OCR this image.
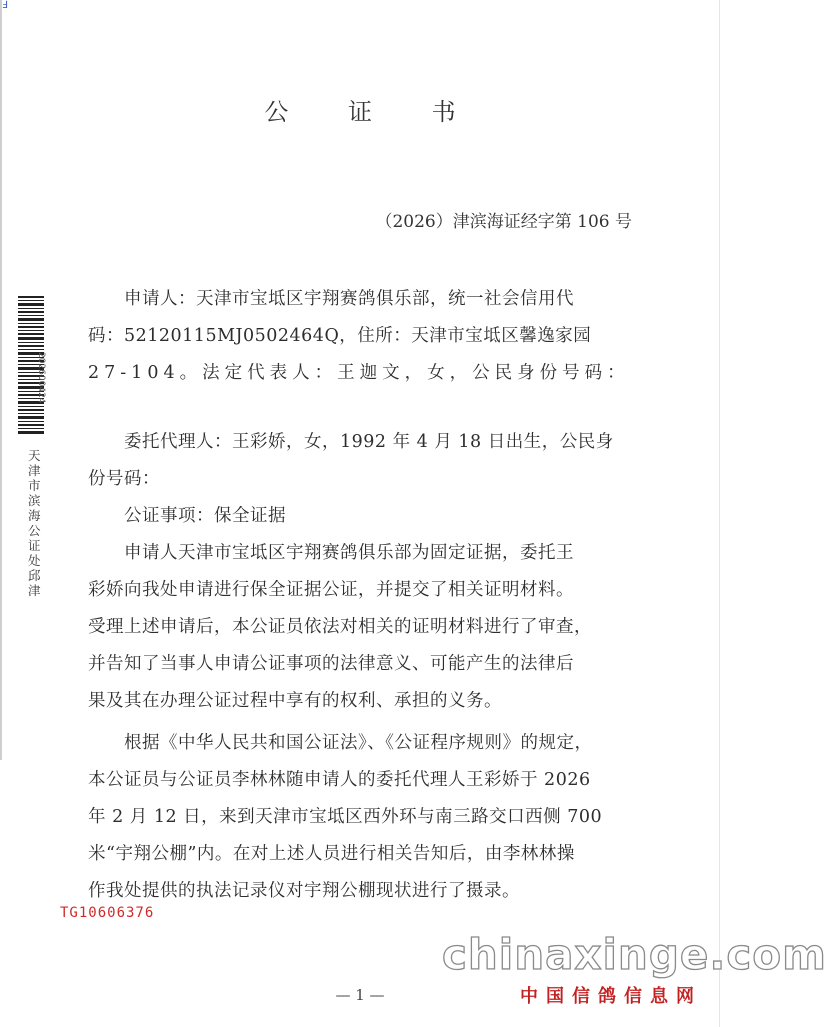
Ⅎ
公 证 书
（2026）津滨海证经字第 106 号
202600424
天津市滨海公证处邱津
申请人：天津市宝坻区宇翔赛鸽俱乐部，统一社会信用代
码：52120115MJ0502464Q，住所：天津市宝坻区馨逸家园
27-104。法定代表人：王迦文，女，公民身份号码：
委托代理人：王彩娇，女，1992 年 4 月 18 日出生，公民身
份号码：
公证事项：保全证据
申请人天津市宝坻区宇翔赛鸽俱乐部为固定证据，委托王
彩娇向我处申请进行保全证据公证，并提交了相关证明材料。
受理上述申请后，本公证员依法对相关的证明材料进行了审查，
并告知了当事人申请公证事项的法律意义、可能产生的法律后
果及其在办理公证过程中享有的权利、承担的义务。
根据《中华人民共和国公证法》、《公证程序规则》的规定，
本公证员与公证员李林林随申请人的委托代理人王彩娇于 2026
年 2 月 12 日，来到天津市宝坻区西外环与南三路交口西侧 700
米“宇翔公棚”内。在对上述人员进行相关告知后，由李林林操
作我处提供的执法记录仪对宇翔公棚现状进行了摄录。
TG10606376
chinaxinge.com
— 1 —	中国信鸽信息网
